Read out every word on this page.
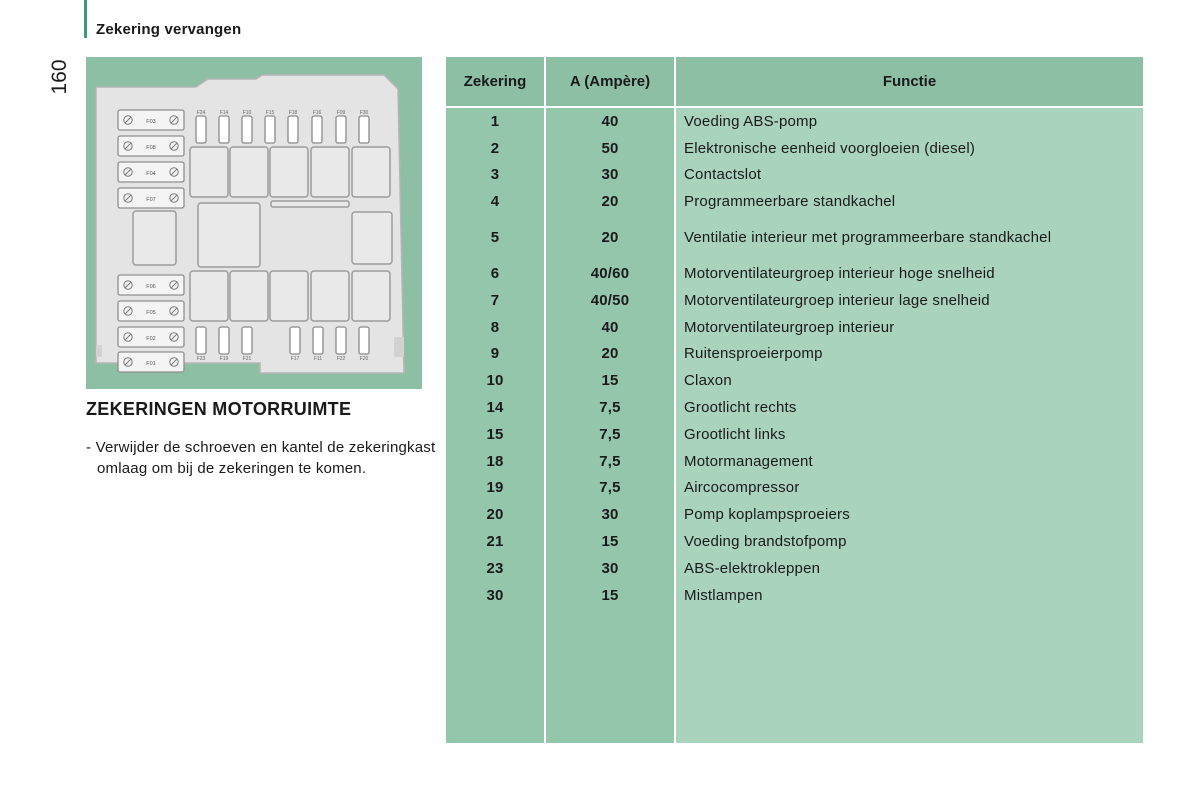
Zekering vervangen
160
F03
F08
F04
F07
F06
F05
F02
F01
F24	F14	F10	F15	F18	F16	F09	F30
F23	F19	F21	F17	F11	F22	F20
ZEKERINGEN MOTORRUIMTE
- Verwijder de schroeven en kantel de zekeringkast omlaag om bij de zekeringen te komen.
Zekering	A (Ampère)	Functie
1	40	Voeding ABS-pomp
2	50	Elektronische eenheid voorgloeien (diesel)
3	30	Contactslot
4	20	Programmeerbare standkachel
5	20	Ventilatie interieur met programmeerbare standkachel
6	40/60	Motorventilateurgroep interieur hoge snelheid
7	40/50	Motorventilateurgroep interieur lage snelheid
8	40	Motorventilateurgroep interieur
9	20	Ruitensproeierpomp
10	15	Claxon
14	7,5	Grootlicht rechts
15	7,5	Grootlicht links
18	7,5	Motormanagement
19	7,5	Aircocompressor
20	30	Pomp koplampsproeiers
21	15	Voeding brandstofpomp
23	30	ABS-elektrokleppen
30	15	Mistlampen
